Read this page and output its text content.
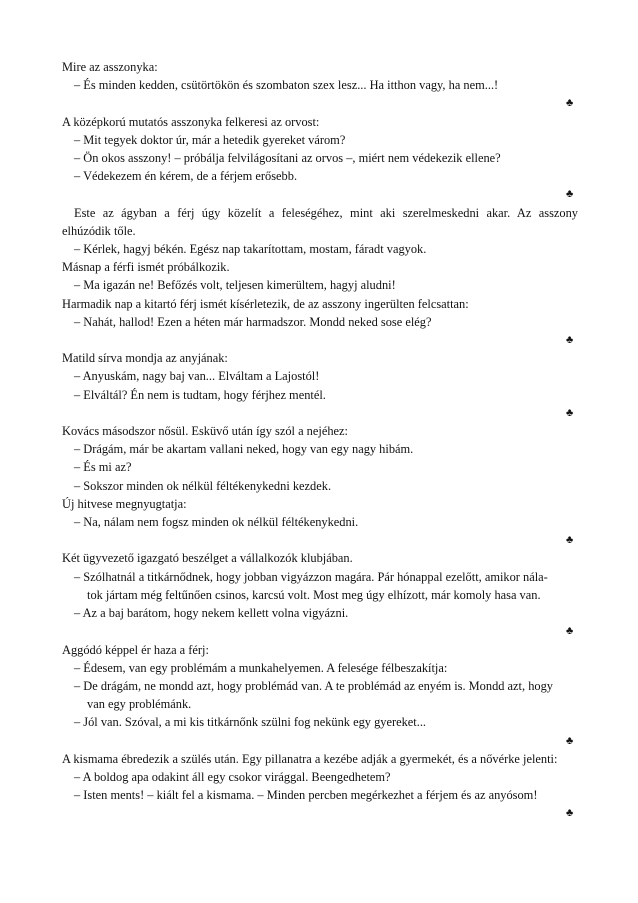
Mire az asszonyka:
– És minden kedden, csütörtökön és szombaton szex lesz... Ha itthon vagy, ha nem...!
♣
A középkorú mutatós asszonyka felkeresi az orvost:
– Mit tegyek doktor úr, már a hetedik gyereket várom?
– Ön okos asszony! – próbálja felvilágosítani az orvos –, miért nem védekezik ellene?
– Védekezem én kérem, de a férjem erősebb.
♣
Este az ágyban a férj úgy közelít a feleségéhez, mint aki szerelmeskedni akar. Az asszony
elhúzódik tőle.
– Kérlek, hagyj békén. Egész nap takarítottam, mostam, fáradt vagyok.
Másnap a férfi ismét próbálkozik.
– Ma igazán ne! Befőzés volt, teljesen kimerültem, hagyj aludni!
Harmadik nap a kitartó férj ismét kísérletezik, de az asszony ingerülten felcsattan:
– Nahát, hallod! Ezen a héten már harmadszor. Mondd neked sose elég?
♣
Matild sírva mondja az anyjának:
– Anyuskám, nagy baj van... Elváltam a Lajostól!
– Elváltál? Én nem is tudtam, hogy férjhez mentél.
♣
Kovács másodszor nősül. Esküvő után így szól a nejéhez:
– Drágám, már be akartam vallani neked, hogy van egy nagy hibám.
– És mi az?
– Sokszor minden ok nélkül féltékenykedni kezdek.
Új hitvese megnyugtatja:
– Na, nálam nem fogsz minden ok nélkül féltékenykedni.
♣
Két ügyvezető igazgató beszélget a vállalkozók klubjában.
– Szólhatnál a titkárnődnek, hogy jobban vigyázzon magára. Pár hónappal ezelőtt, amikor nála-
tok jártam még feltűnően csinos, karcsú volt. Most meg úgy elhízott, már komoly hasa van.
– Az a baj barátom, hogy nekem kellett volna vigyázni.
♣
Aggódó képpel ér haza a férj:
– Édesem, van egy problémám a munkahelyemen. A felesége félbeszakítja:
– De drágám, ne mondd azt, hogy problémád van. A te problémád az enyém is. Mondd azt, hogy
van egy problémánk.
– Jól van. Szóval, a mi kis titkárnőnk szülni fog nekünk egy gyereket...
♣
A kismama ébredezik a szülés után. Egy pillanatra a kezébe adják a gyermekét, és a nővérke jelenti:
– A boldog apa odakint áll egy csokor virággal. Beengedhetem?
– Isten ments! – kiált fel a kismama. – Minden percben megérkezhet a férjem és az anyósom!
♣
